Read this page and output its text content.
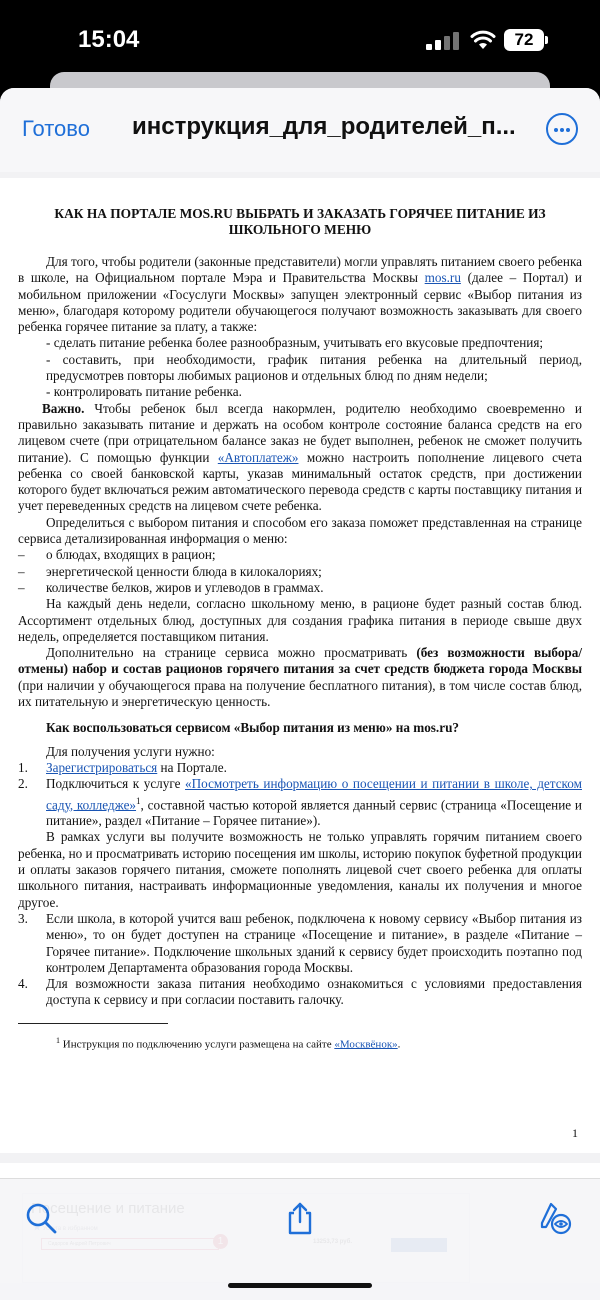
15:04	72
Готово инструкция_для_родителей_п...
КАК НА ПОРТАЛЕ MOS.RU ВЫБРАТЬ И ЗАКАЗАТЬ ГОРЯЧЕЕ ПИТАНИЕ ИЗ ШКОЛЬНОГО МЕНЮ
Для того, чтобы родители (законные представители) могли управлять питанием своего ребенка в школе, на Официальном портале Мэра и Правительства Москвы mos.ru (далее – Портал) и мобильном приложении «Госуслуги Москвы» запущен электронный сервис «Выбор питания из меню», благодаря которому родители обучающегося получают возможность заказывать для своего ребенка горячее питание за плату, а также:
- сделать питание ребенка более разнообразным, учитывать его вкусовые предпочтения;
- составить, при необходимости, график питания ребенка на длительный период, предусмотрев повторы любимых рационов и отдельных блюд по дням недели;
- контролировать питание ребенка.
Важно. Чтобы ребенок был всегда накормлен, родителю необходимо своевременно и правильно заказывать питание и держать на особом контроле состояние баланса средств на его лицевом счете (при отрицательном балансе заказ не будет выполнен, ребенок не сможет получить питание). С помощью функции «Автоплатеж» можно настроить пополнение лицевого счета ребенка со своей банковской карты, указав минимальный остаток средств, при достижении которого будет включаться режим автоматического перевода средств с карты поставщику питания и учет переведенных средств на лицевом счете ребенка.
Определиться с выбором питания и способом его заказа поможет представленная на странице сервиса детализированная информация о меню:
– о блюдах, входящих в рацион;
– энергетической ценности блюда в килокалориях;
– количестве белков, жиров и углеводов в граммах.
На каждый день недели, согласно школьному меню, в рационе будет разный состав блюд. Ассортимент отдельных блюд, доступных для создания графика питания в периоде свыше двух недель, определяется поставщиком питания.
Дополнительно на странице сервиса можно просматривать (без возможности выбора/отмены) набор и состав рационов горячего питания за счет средств бюджета города Москвы (при наличии у обучающегося права на получение бесплатного питания), в том числе состав блюд, их питательную и энергетическую ценность.
Как воспользоваться сервисом «Выбор питания из меню» на mos.ru?
Для получения услуги нужно:
1. Зарегистрироваться на Портале.
2. Подключиться к услуге «Посмотреть информацию о посещении и питании в школе, детском саду, колледже»$^1$, составной частью которой является данный сервис (страница «Посещение и питание», раздел «Питание – Горячее питание»).
В рамках услуги вы получите возможность не только управлять горячим питанием своего ребенка, но и просматривать историю посещения им школы, историю покупок буфетной продукции и оплаты заказов горячего питания, сможете пополнять лицевой счет своего ребенка для оплаты школьного питания, настраивать информационные уведомления, каналы их получения и многое другое.
3. Если школа, в которой учится ваш ребенок, подключена к новому сервису «Выбор питания из меню», то он будет доступен на странице «Посещение и питание», в разделе «Питание – Горячее питание». Подключение школьных зданий к сервису будет происходить поэтапно под контролем Департамента образования города Москвы.
4. Для возможности заказа питания необходимо ознакомиться с условиями предоставления доступа к сервису и при согласии поставить галочку.
$^1$ Инструкция по подключению услуги размещена на сайте «Москвёнок».
1
